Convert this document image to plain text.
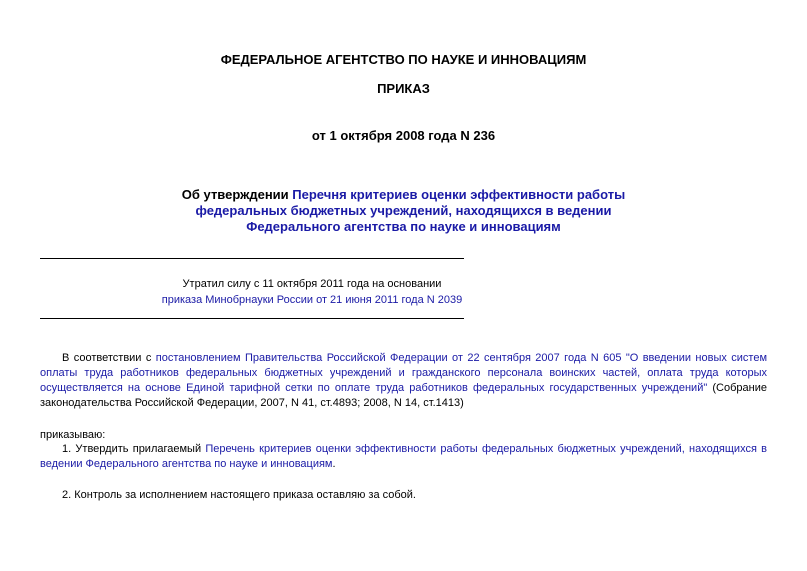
ФЕДЕРАЛЬНОЕ АГЕНТСТВО ПО НАУКЕ И ИННОВАЦИЯМ
ПРИКАЗ
от 1 октября 2008 года N 236
Об утверждении Перечня критериев оценки эффективности работы
федеральных бюджетных учреждений, находящихся в ведении
Федерального агентства по науке и инновациям
Утратил силу с 11 октября 2011 года на основании
приказа Минобрнауки России от 21 июня 2011 года N 2039
В соответствии с постановлением Правительства Российской Федерации от 22 сентября 2007 года N 605 "О введении новых систем оплаты труда работников федеральных бюджетных учреждений и гражданского персонала воинских частей, оплата труда которых осуществляется на основе Единой тарифной сетки по оплате труда работников федеральных государственных учреждений" (Собрание законодательства Российской Федерации, 2007, N 41, ст.4893; 2008, N 14, ст.1413)
приказываю:
1. Утвердить прилагаемый Перечень критериев оценки эффективности работы федеральных бюджетных учреждений, находящихся в ведении Федерального агентства по науке и инновациям.
2. Контроль за исполнением настоящего приказа оставляю за собой.
